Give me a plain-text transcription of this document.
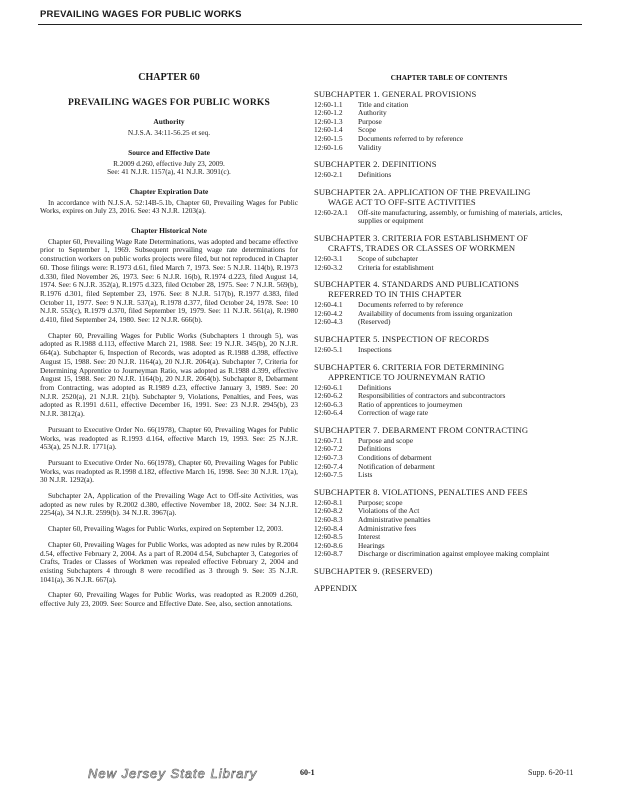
PREVAILING WAGES FOR PUBLIC WORKS
CHAPTER 60
PREVAILING WAGES FOR PUBLIC WORKS
Authority
N.J.S.A. 34:11-56.25 et seq.
Source and Effective Date
R.2009 d.260, effective July 23, 2009.
See: 41 N.J.R. 1157(a), 41 N.J.R. 3091(c).
Chapter Expiration Date
In accordance with N.J.S.A. 52:14B-5.1b, Chapter 60, Prevailing Wages for Public Works, expires on July 23, 2016. See: 43 N.J.R. 1203(a).
Chapter Historical Note
Chapter 60, Prevailing Wage Rate Determinations, was adopted and became effective prior to September 1, 1969. Subsequent prevailing wage rate determinations for construction workers on public works projects were filed, but not reproduced in Chapter 60. Those filings were: R.1973 d.61, filed March 7, 1973. See: 5 N.J.R. 114(b), R.1973 d.330, filed November 26, 1973. See: 6 N.J.R. 16(b), R.1974 d.223, filed August 14, 1974. See: 6 N.J.R. 352(a), R.1975 d.323, filed October 28, 1975. See: 7 N.J.R. 569(b), R.1976 d.301, filed September 23, 1976. See: 8 N.J.R. 517(b), R.1977 d.383, filed October 11, 1977. See: 9 N.J.R. 537(a), R.1978 d.377, filed October 24, 1978. See: 10 N.J.R. 553(c), R.1979 d.370, filed September 19, 1979. See: 11 N.J.R. 561(a), R.1980 d.410, filed September 24, 1980. See: 12 N.J.R. 666(b).
Chapter 60, Prevailing Wages for Public Works (Subchapters 1 through 5), was adopted as R.1988 d.113, effective March 21, 1988. See: 19 N.J.R. 345(b), 20 N.J.R. 664(a). Subchapter 6, Inspection of Records, was adopted as R.1988 d.398, effective August 15, 1988. See: 20 N.J.R. 1164(a), 20 N.J.R. 2064(a). Subchapter 7, Criteria for Determining Apprentice to Journeyman Ratio, was adopted as R.1988 d.399, effective August 15, 1988. See: 20 N.J.R. 1164(b), 20 N.J.R. 2064(b). Subchapter 8, Debarment from Contracting, was adopted as R.1989 d.23, effective January 3, 1989. See: 20 N.J.R. 2520(a), 21 N.J.R. 21(b). Subchapter 9, Violations, Penalties, and Fees, was adopted as R.1991 d.611, effective December 16, 1991. See: 23 N.J.R. 2945(b), 23 N.J.R. 3812(a).
Pursuant to Executive Order No. 66(1978), Chapter 60, Prevailing Wages for Public Works, was readopted as R.1993 d.164, effective March 19, 1993. See: 25 N.J.R. 453(a), 25 N.J.R. 1771(a).
Pursuant to Executive Order No. 66(1978), Chapter 60, Prevailing Wages for Public Works, was readopted as R.1998 d.182, effective March 16, 1998. See: 30 N.J.R. 17(a), 30 N.J.R. 1292(a).
Subchapter 2A, Application of the Prevailing Wage Act to Off-site Activities, was adopted as new rules by R.2002 d.380, effective November 18, 2002. See: 34 N.J.R. 2254(a), 34 N.J.R. 2599(b). 34 N.J.R. 3967(a).
Chapter 60, Prevailing Wages for Public Works, expired on September 12, 2003.
Chapter 60, Prevailing Wages for Public Works, was adopted as new rules by R.2004 d.54, effective February 2, 2004. As a part of R.2004 d.54, Subchapter 3, Categories of Crafts, Trades or Classes of Workmen was repealed effective February 2, 2004 and existing Subchapters 4 through 8 were recodified as 3 through 9. See: 35 N.J.R. 1041(a), 36 N.J.R. 667(a).
Chapter 60, Prevailing Wages for Public Works, was readopted as R.2009 d.260, effective July 23, 2009. See: Source and Effective Date. See, also, section annotations.
CHAPTER TABLE OF CONTENTS
SUBCHAPTER 1. GENERAL PROVISIONS
12:60-1.1	Title and citation
12:60-1.2	Authority
12:60-1.3	Purpose
12:60-1.4	Scope
12:60-1.5	Documents referred to by reference
12:60-1.6	Validity
SUBCHAPTER 2. DEFINITIONS
12:60-2.1	Definitions
SUBCHAPTER 2A. APPLICATION OF THE PREVAILING
WAGE ACT TO OFF-SITE ACTIVITIES
12:60-2A.1	Off-site manufacturing, assembly, or furnishing of materials, articles, supplies or equipment
SUBCHAPTER 3. CRITERIA FOR ESTABLISHMENT OF
CRAFTS, TRADES OR CLASSES OF WORKMEN
12:60-3.1	Scope of subchapter
12:60-3.2	Criteria for establishment
SUBCHAPTER 4. STANDARDS AND PUBLICATIONS
REFERRED TO IN THIS CHAPTER
12:60-4.1	Documents referred to by reference
12:60-4.2	Availability of documents from issuing organization
12:60-4.3	(Reserved)
SUBCHAPTER 5. INSPECTION OF RECORDS
12:60-5.1	Inspections
SUBCHAPTER 6. CRITERIA FOR DETERMINING
APPRENTICE TO JOURNEYMAN RATIO
12:60-6.1	Definitions
12:60-6.2	Responsibilities of contractors and subcontractors
12:60-6.3	Ratio of apprentices to journeymen
12:60-6.4	Correction of wage rate
SUBCHAPTER 7. DEBARMENT FROM CONTRACTING
12:60-7.1	Purpose and scope
12:60-7.2	Definitions
12:60-7.3	Conditions of debarment
12:60-7.4	Notification of debarment
12:60-7.5	Lists
SUBCHAPTER 8. VIOLATIONS, PENALTIES AND FEES
12:60-8.1	Purpose; scope
12:60-8.2	Violations of the Act
12:60-8.3	Administrative penalties
12:60-8.4	Administrative fees
12:60-8.5	Interest
12:60-8.6	Hearings
12:60-8.7	Discharge or discrimination against employee making complaint
SUBCHAPTER 9. (RESERVED)
APPENDIX
New Jersey State Library	60-1	Supp. 6-20-11
